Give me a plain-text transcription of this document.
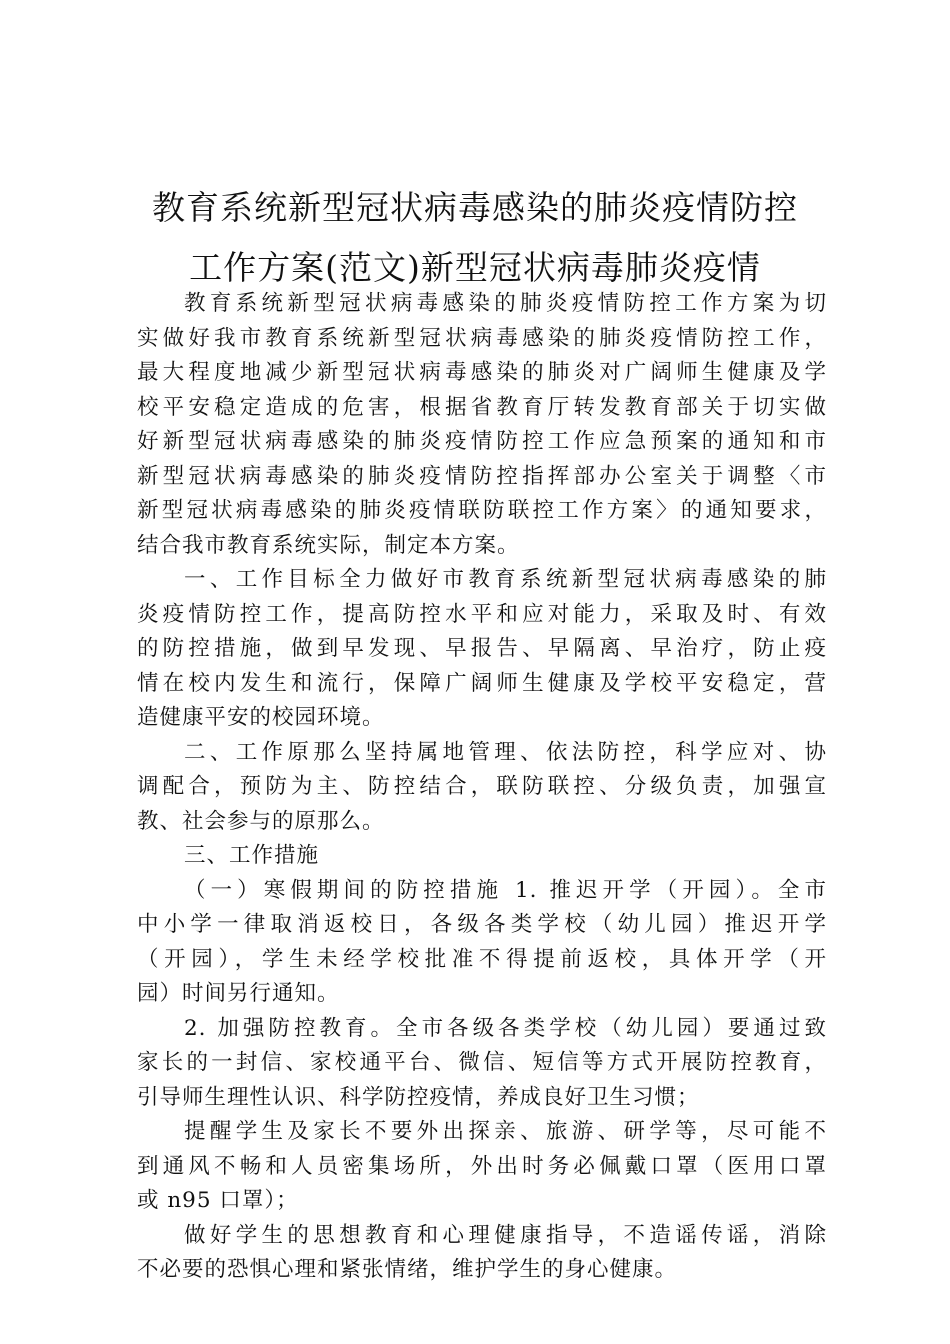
教育系统新型冠状病毒感染的肺炎疫情防控
工作方案(范文)新型冠状病毒肺炎疫情
教育系统新型冠状病毒感染的肺炎疫情防控工作方案为切
实做好我市教育系统新型冠状病毒感染的肺炎疫情防控工作，
最大程度地减少新型冠状病毒感染的肺炎对广阔师生健康及学
校平安稳定造成的危害，根据省教育厅转发教育部关于切实做
好新型冠状病毒感染的肺炎疫情防控工作应急预案的通知和市
新型冠状病毒感染的肺炎疫情防控指挥部办公室关于调整〈市
新型冠状病毒感染的肺炎疫情联防联控工作方案〉的通知要求，
结合我市教育系统实际，制定本方案。
一、工作目标全力做好市教育系统新型冠状病毒感染的肺
炎疫情防控工作，提高防控水平和应对能力，采取及时、有效
的防控措施，做到早发现、早报告、早隔离、早治疗，防止疫
情在校内发生和流行，保障广阔师生健康及学校平安稳定，营
造健康平安的校园环境。
二、工作原那么坚持属地管理、依法防控，科学应对、协
调配合，预防为主、防控结合，联防联控、分级负责，加强宣
教、社会参与的原那么。
三、工作措施
（一）寒假期间的防控措施 1. 推迟开学（开园）。全市
中小学一律取消返校日，各级各类学校（幼儿园）推迟开学
（开园），学生未经学校批准不得提前返校，具体开学（开
园）时间另行通知。
2. 加强防控教育。全市各级各类学校（幼儿园）要通过致
家长的一封信、家校通平台、微信、短信等方式开展防控教育，
引导师生理性认识、科学防控疫情，养成良好卫生习惯；
提醒学生及家长不要外出探亲、旅游、研学等，尽可能不
到通风不畅和人员密集场所，外出时务必佩戴口罩（医用口罩
或 n95 口罩）；
做好学生的思想教育和心理健康指导，不造谣传谣，消除
不必要的恐惧心理和紧张情绪，维护学生的身心健康。
